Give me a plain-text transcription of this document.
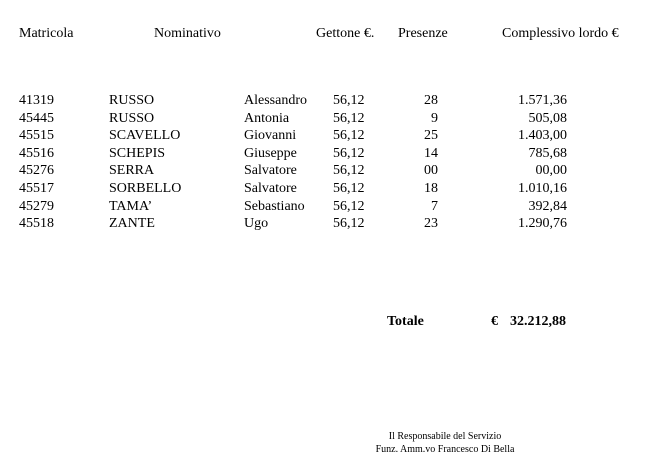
Matricola	Nominativo	Gettone €. Presenze	Complessivo lordo €
41319	RUSSO	Alessandro 56,12	28	1.571,36
45445	RUSSO	Antonia	56,12	9	505,08
45515	SCAVELLO	Giovanni	56,12	25	1.403,00
45516	SCHEPIS	Giuseppe	56,12	14	785,68
45276	SERRA	Salvatore	56,12	00	00,00
45517	SORBELLO	Salvatore	56,12	18	1.010,16
45279	TAMA’	Sebastiano 56,12	7	392,84
45518	ZANTE	Ugo	56,12	23	1.290,76
Totale	€ 32.212,88
Il Responsabile del Servizio
Funz. Amm.vo Francesco Di Bella
